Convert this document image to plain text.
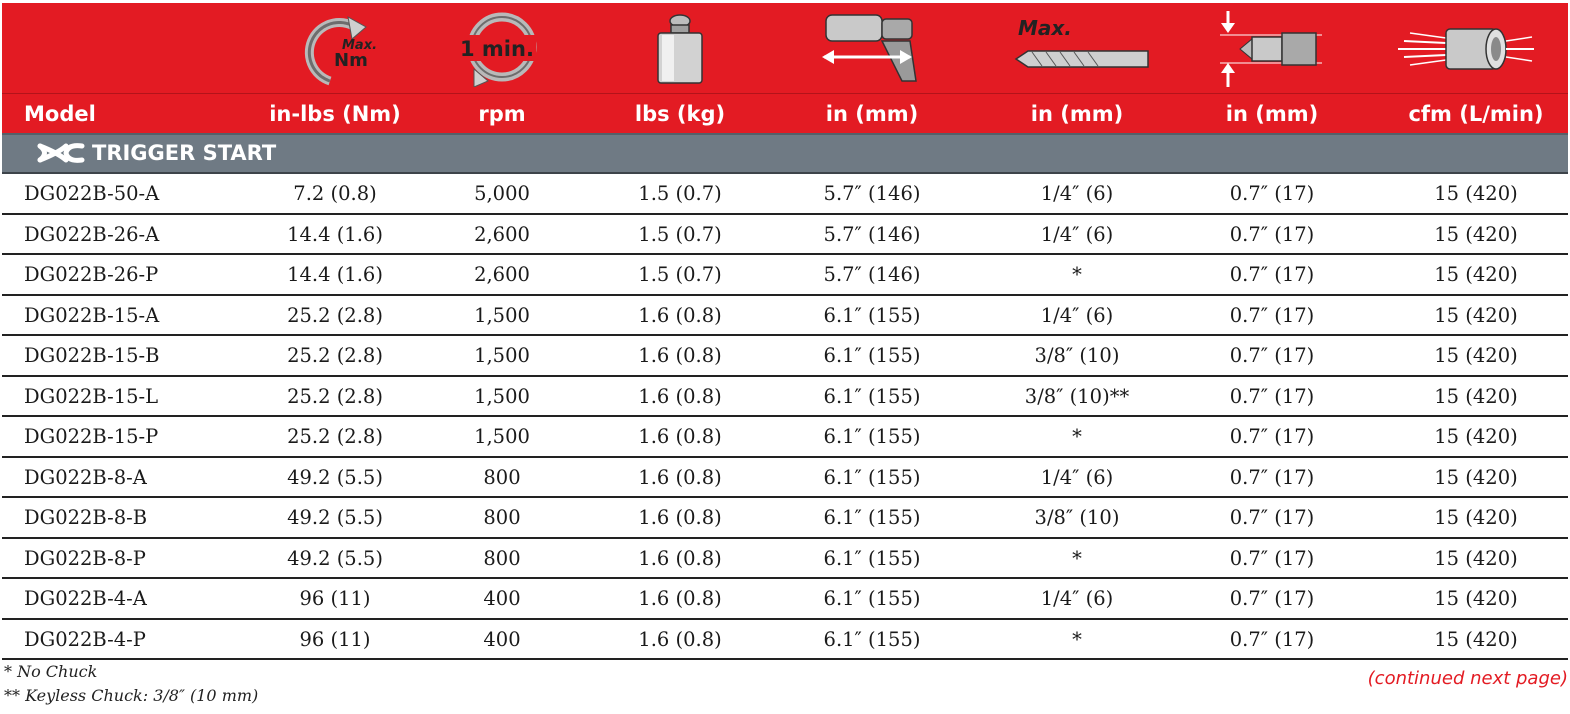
Max.
Nm	1 min.
Max.
Model	in-lbs (Nm)	rpm	lbs (kg)	in (mm)	in (mm)	in (mm)	cfm (L/min)
TRIGGER START
DG022B-50-A	7.2 (0.8)	5,000	1.5 (0.7)	5.7″ (146)	1/4″ (6)	0.7″ (17)	15 (420)
DG022B-26-A	14.4 (1.6)	2,600	1.5 (0.7)	5.7″ (146)	1/4″ (6)	0.7″ (17)	15 (420)
DG022B-26-P	14.4 (1.6)	2,600	1.5 (0.7)	5.7″ (146)	*	0.7″ (17)	15 (420)
DG022B-15-A	25.2 (2.8)	1,500	1.6 (0.8)	6.1″ (155)	1/4″ (6)	0.7″ (17)	15 (420)
DG022B-15-B	25.2 (2.8)	1,500	1.6 (0.8)	6.1″ (155)	3/8″ (10)	0.7″ (17)	15 (420)
DG022B-15-L	25.2 (2.8)	1,500	1.6 (0.8)	6.1″ (155)	3/8″ (10)**	0.7″ (17)	15 (420)
DG022B-15-P	25.2 (2.8)	1,500	1.6 (0.8)	6.1″ (155)	*	0.7″ (17)	15 (420)
DG022B-8-A	49.2 (5.5)	800	1.6 (0.8)	6.1″ (155)	1/4″ (6)	0.7″ (17)	15 (420)
DG022B-8-B	49.2 (5.5)	800	1.6 (0.8)	6.1″ (155)	3/8″ (10)	0.7″ (17)	15 (420)
DG022B-8-P	49.2 (5.5)	800	1.6 (0.8)	6.1″ (155)	*	0.7″ (17)	15 (420)
DG022B-4-A	96 (11)	400	1.6 (0.8)	6.1″ (155)	1/4″ (6)	0.7″ (17)	15 (420)
DG022B-4-P	96 (11)	400	1.6 (0.8)	6.1″ (155)	*	0.7″ (17)	15 (420)
* No Chuck
** Keyless Chuck: 3/8″ (10 mm)
(continued next page)
